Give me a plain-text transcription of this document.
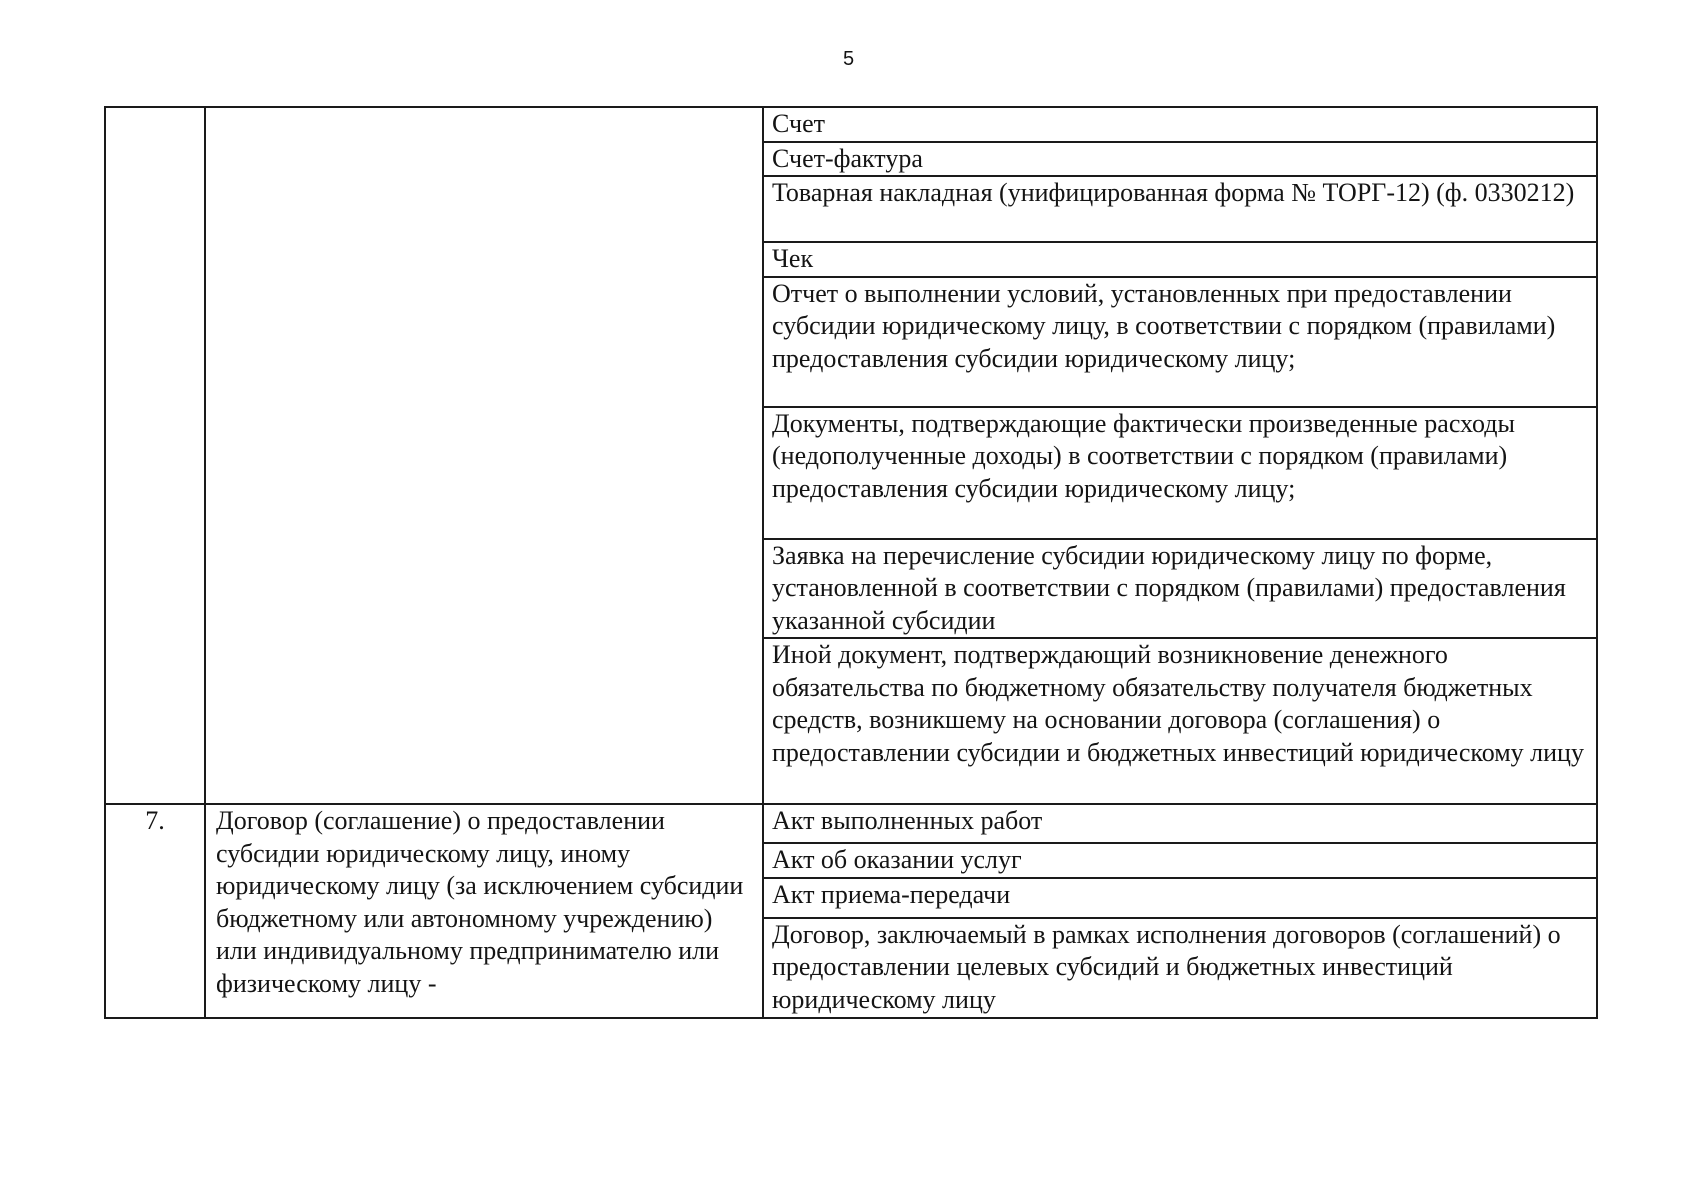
5
		Счет
		Счет-фактура
		Товарная накладная (унифицированная форма № ТОРГ-12) (ф. 0330212)
		Чек
		Отчет о выполнении условий, установленных при предоставлении субсидии юридическому лицу, в соответствии с порядком (правилами) предоставления субсидии юридическому лицу;
		Документы, подтверждающие фактически произведенные расходы (недополученные доходы) в соответствии с порядком (правилами) предоставления субсидии юридическому лицу;
		Заявка на перечисление субсидии юридическому лицу по форме, установленной в соответствии с порядком (правилами) предоставления указанной субсидии
		Иной документ, подтверждающий возникновение денежного обязательства по бюджетному обязательству получателя бюджетных средств, возникшему на основании договора (соглашения) о предоставлении субсидии и бюджетных инвестиций юридическому лицу
7.	Договор (соглашение) о предоставлении субсидии юридическому лицу, иному юридическому лицу (за исключением субсидии бюджетному или автономному учреждению) или индивидуальному предпринимателю или физическому лицу -	Акт выполненных работ
		Акт об оказании услуг
		Акт приема-передачи
		Договор, заключаемый в рамках исполнения договоров (соглашений) о предоставлении целевых субсидий и бюджетных инвестиций юридическому лицу
